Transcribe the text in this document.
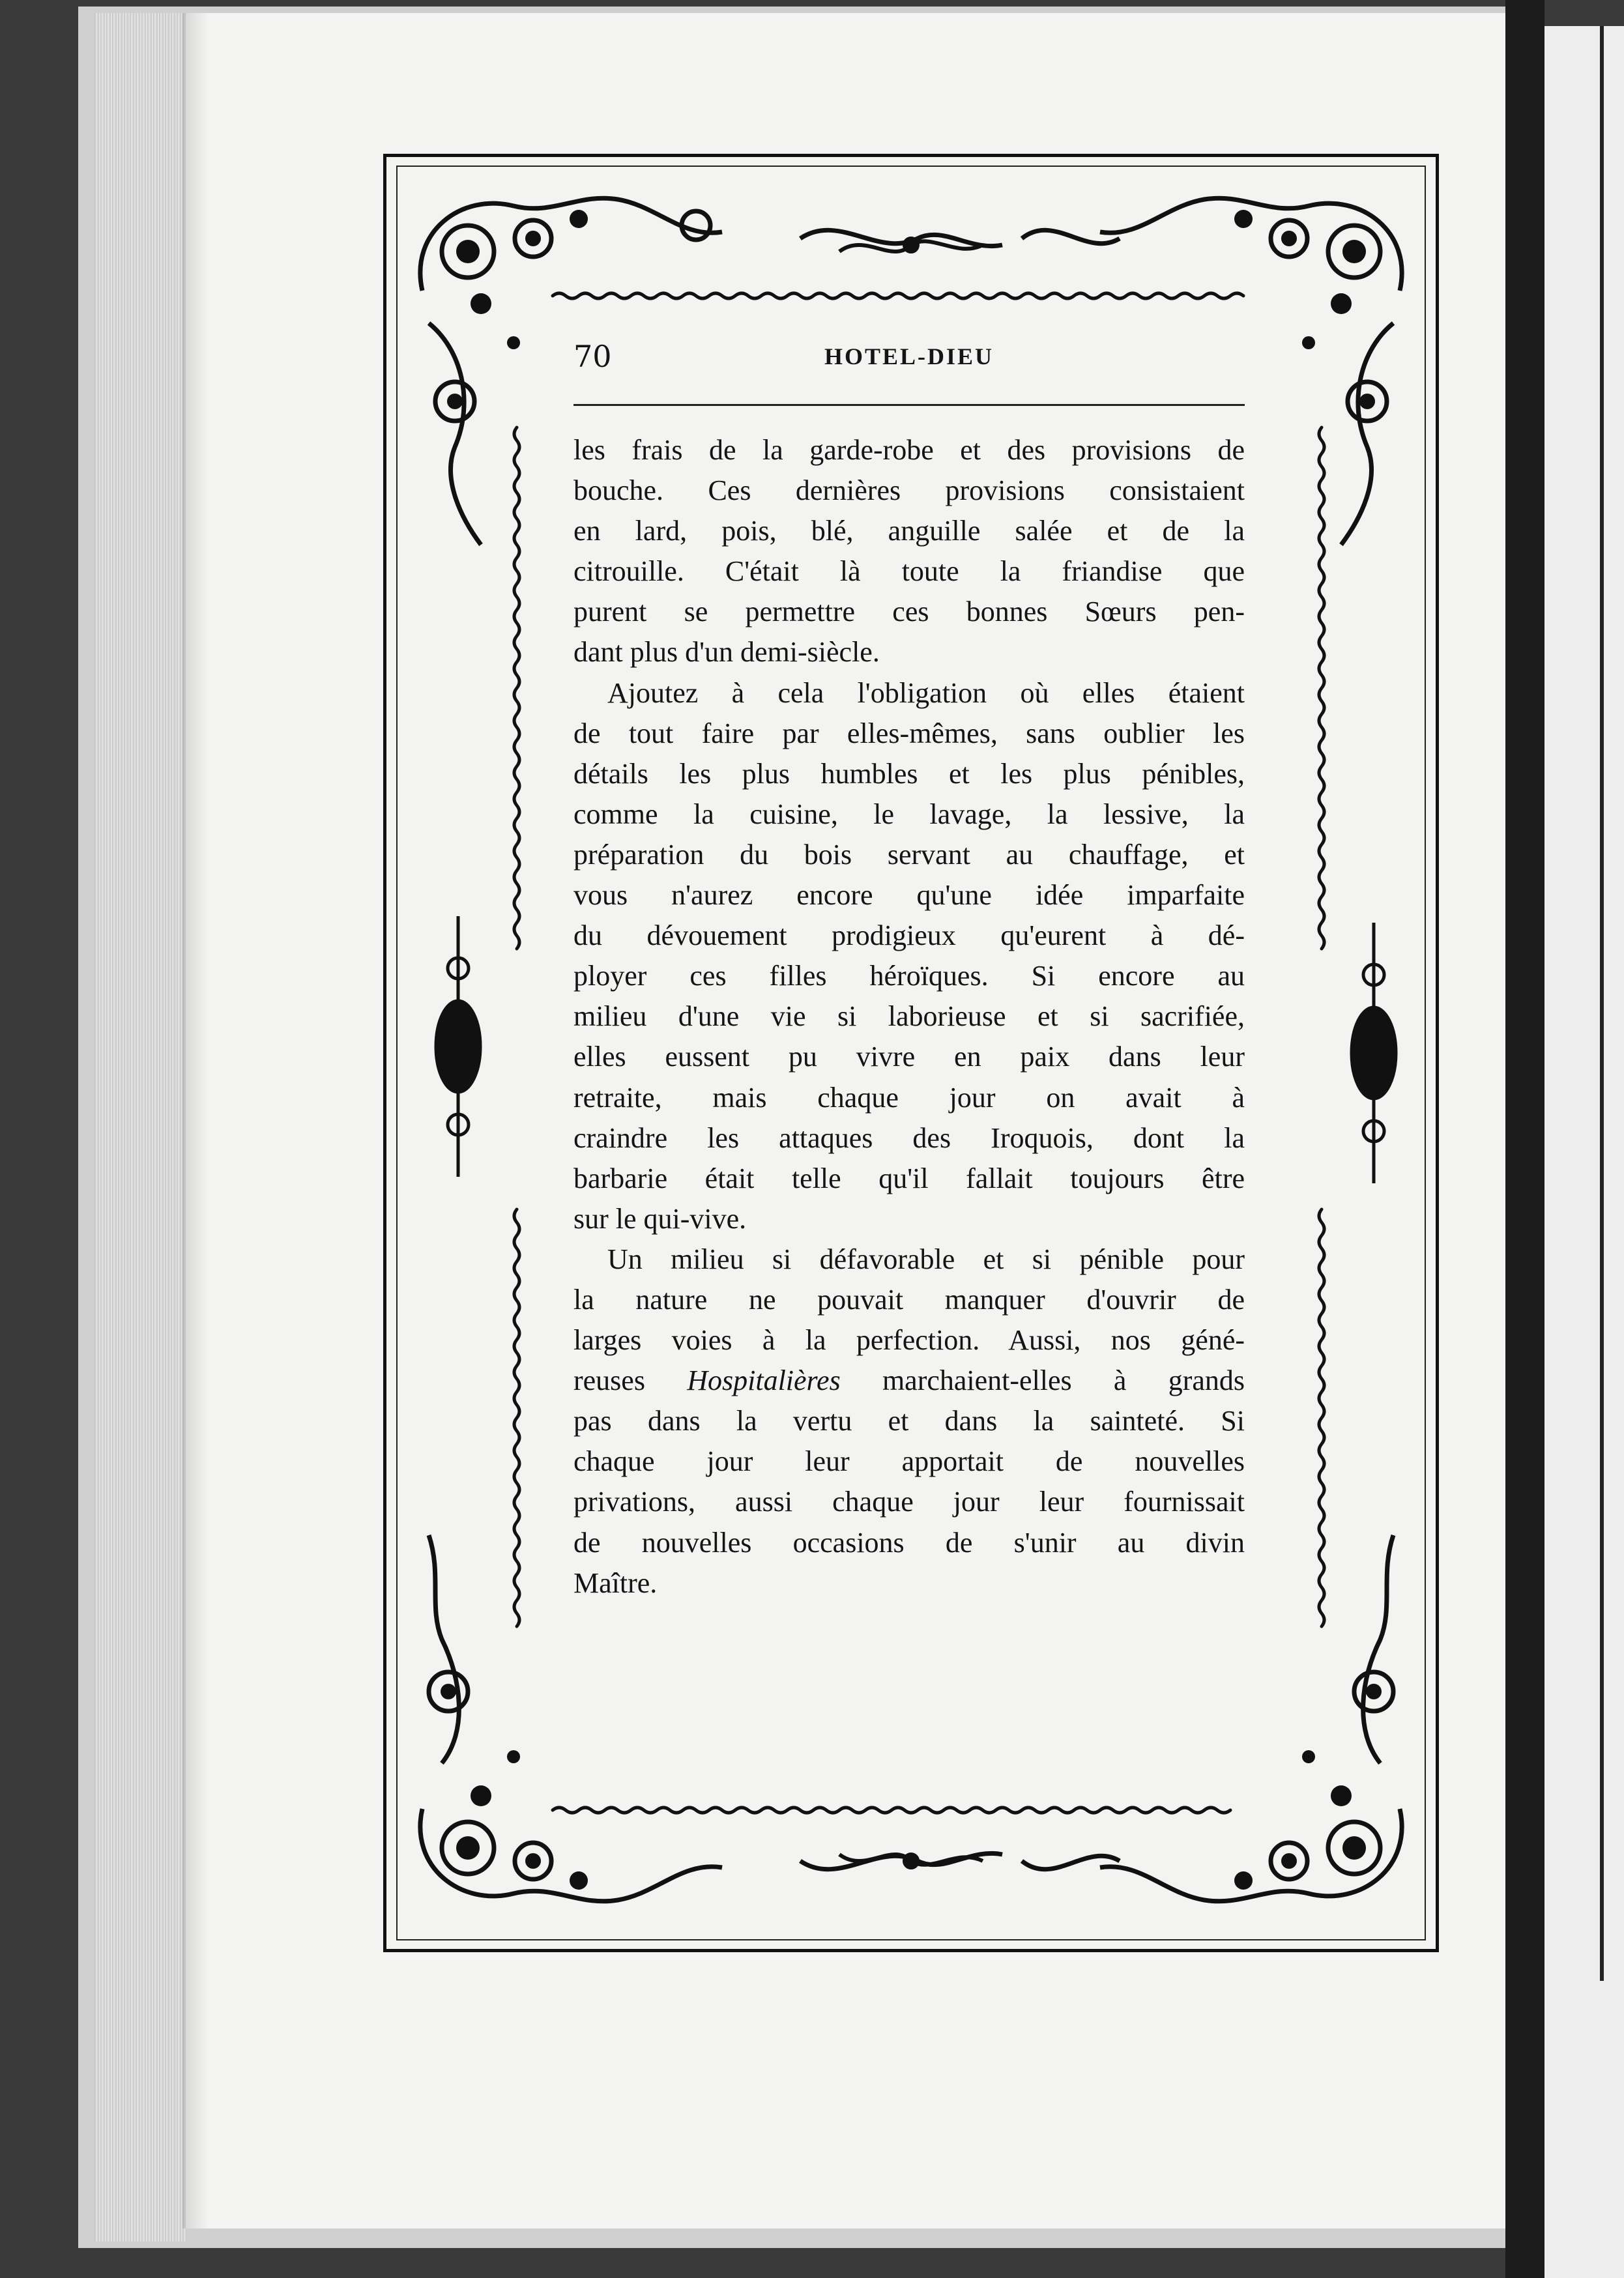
70	HOTEL-DIEU
les frais de la garde-robe et des provisions de
bouche. Ces dernières provisions consistaient
en lard, pois, blé, anguille salée et de la
citrouille. C'était là toute la friandise que
purent se permettre ces bonnes Sœurs pen-
dant plus d'un demi-siècle.
Ajoutez à cela l'obligation où elles étaient
de tout faire par elles-mêmes, sans oublier les
détails les plus humbles et les plus pénibles,
comme la cuisine, le lavage, la lessive, la
préparation du bois servant au chauffage, et
vous n'aurez encore qu'une idée imparfaite
du dévouement prodigieux qu'eurent à dé-
ployer ces filles héroïques. Si encore au
milieu d'une vie si laborieuse et si sacrifiée,
elles eussent pu vivre en paix dans leur
retraite, mais chaque jour on avait à
craindre les attaques des Iroquois, dont la
barbarie était telle qu'il fallait toujours être
sur le qui-vive.
Un milieu si défavorable et si pénible pour
la nature ne pouvait manquer d'ouvrir de
larges voies à la perfection. Aussi, nos géné-
reuses Hospitalières marchaient-elles à grands
pas dans la vertu et dans la sainteté. Si
chaque jour leur apportait de nouvelles
privations, aussi chaque jour leur fournissait
de nouvelles occasions de s'unir au divin
Maître.
